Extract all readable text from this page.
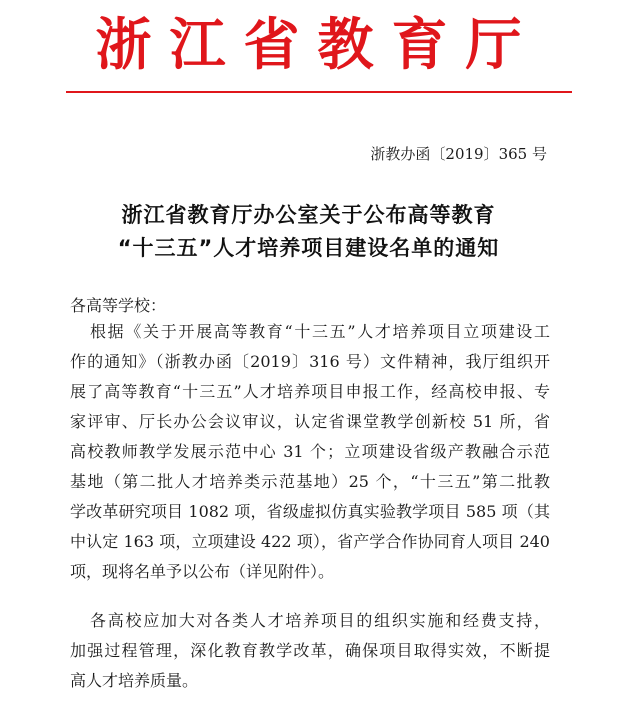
浙江省教育厅
浙教办函〔2019〕365 号
浙江省教育厅办公室关于公布高等教育
“十三五”人才培养项目建设名单的通知
各高等学校：
根据《关于开展高等教育“十三五”人才培养项目立项建设工
作的通知》（浙教办函〔2019〕316 号）文件精神，我厅组织开
展了高等教育“十三五”人才培养项目申报工作，经高校申报、专
家评审、厅长办公会议审议，认定省课堂教学创新校 51 所，省
高校教师教学发展示范中心 31 个；立项建设省级产教融合示范
基地（第二批人才培养类示范基地）25 个，“十三五”第二批教
学改革研究项目 1082 项，省级虚拟仿真实验教学项目 585 项（其
中认定 163 项，立项建设 422 项），省产学合作协同育人项目 240
项，现将名单予以公布（详见附件）。
各高校应加大对各类人才培养项目的组织实施和经费支持，
加强过程管理，深化教育教学改革，确保项目取得实效，不断提
高人才培养质量。
